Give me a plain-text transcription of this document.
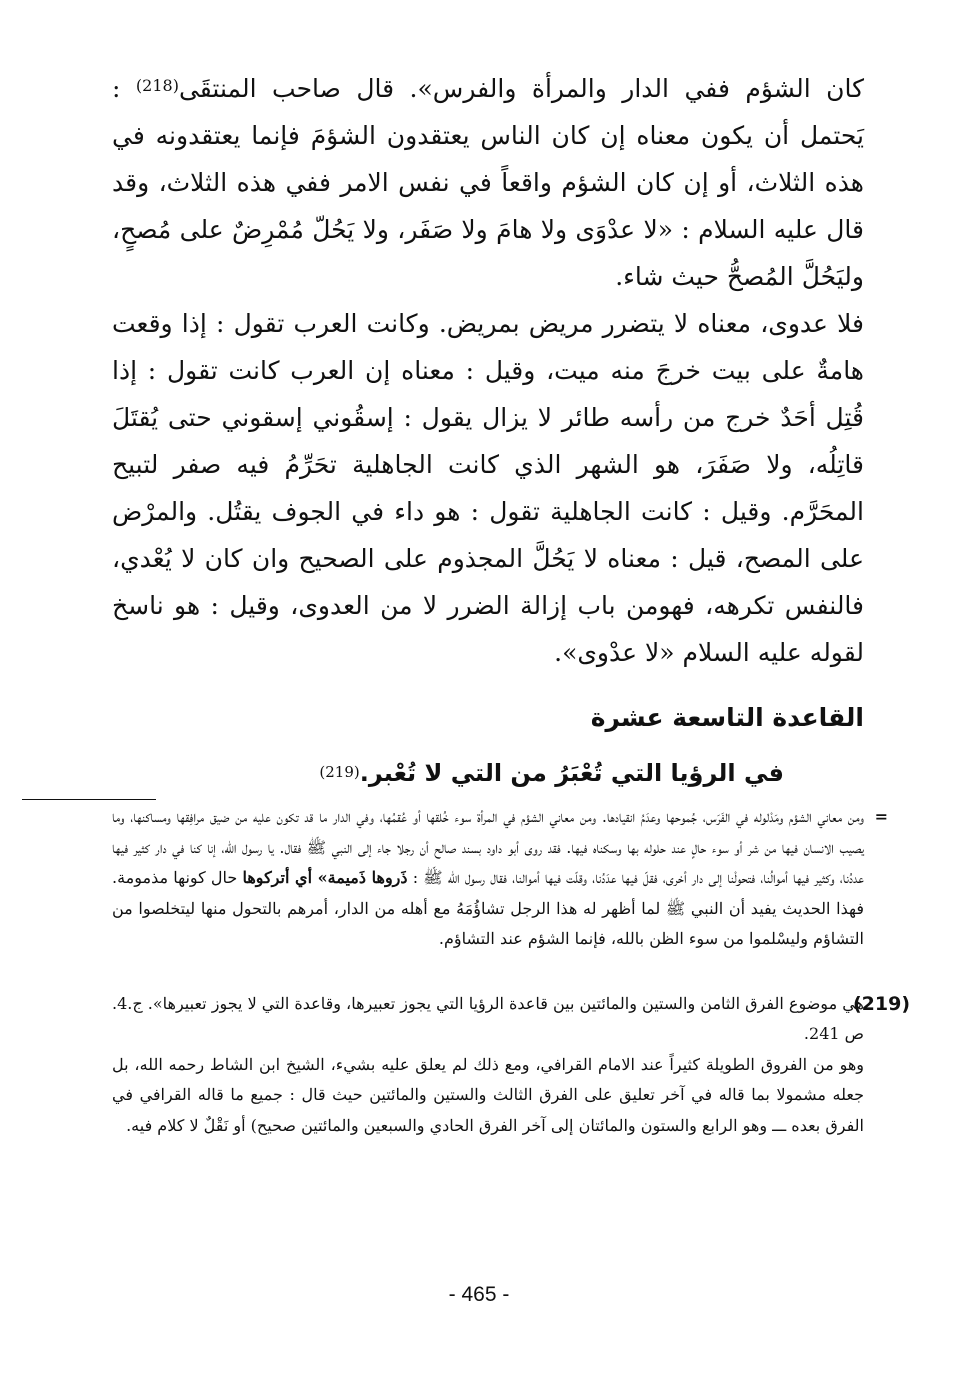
كان الشؤم ففي الدار والمرأة والفرس». قال صاحب المنتقَى$^{(218)}$ : يَحتمل أن يكون معناه إن كان الناس يعتقدون الشؤمَ فإنما يعتقدونه في هذه الثلاث، أو إن كان الشؤم واقعاً في نفس الامر ففي هذه الثلاث، وقد قال عليه السلام : «لا عدْوَى ولا هامَ ولا صَفَر، ولا يَحُلّ مُمْرِضٌ على مُصحٍ، وليَحُلَّ المُصحُّ حيث شاء.

فلا عدوى، معناه لا يتضرر مريض بمريض. وكانت العرب تقول : إذا وقعت هامةٌ على بيت خرجَ منه ميت، وقيل : معناه إن العرب كانت تقول : إذا قُتِل أحَدٌ خرج من رأسه طائر لا يزال يقول : إسقُوني إسقوني حتى يُقتَلَ قاتِلُه، ولا صَفَرَ، هو الشهر الذي كانت الجاهلية تحَرِّمُ فيه صفر لتبيح المحَرَّم. وقيل : كانت الجاهلية تقول : هو داء في الجوف يقتُل. والمرْض على المصح، قيل : معناه لا يَحُلَّ المجذوم على الصحيح وان كان لا يُعْدي، فالنفس تكرهه، فهومن باب إزالة الضرر لا من العدوى، وقيل : هو ناسخ لقوله عليه السلام «لا عدْوى».

القاعدة التاسعة عشرة
في الرؤيا التي تُعْبَرُ من التي لا تُعْبر.$^{(219)}$
=
ومن معاني الشؤم ومَدْلوله في الفَرَس، جُموحها وعدَمُ انقيادها. ومن معاني الشؤم في المرأة سوء خُلقها أو عُقمُها، وفي الدار ما قد تكون عليه من ضيق مرافِقها ومساكنها، وما يصيب الانسان فيها من شر أو سوء حالٍ عند حلوله بها وسكناه فيها. فقد روى أبو داود بسند صالح أن رجلا جاء إلى النبي ﷺ فقال. يا رسول الله، إنا كنا في دار كثير فيها عددُنا، وكثير فيها أموالُنا، فتحولْنا إلى دار أخرى، فقلّ فيها عدَدُنا، وقلّت فيها أموالنا، فقال رسول الله ﷺ : ذَروها ذَميمة» أي أتركوها حال كونها مذمومة. فهذا الحديث يفيد أن النبي ﷺ لما أظهر له هذا الرجل تشاؤُمَهُ مع أهله من الدار، أمرهم بالتحول منها ليتخلصوا من التشاؤم وليسْلموا من سوء الظن بالله، فإنما الشؤم عند التشاؤم.
(219)

هي موضوع الفرق الثامن والستين والمائتين بين قاعدة الرؤيا التي يجوز تعبيرها، وقاعدة التي لا يجوز تعبيرها». ج.4. ص 241.

وهو من الفروق الطويلة كثيراً عند الامام القرافي، ومع ذلك لم يعلق عليه بشيء، الشيخ ابن الشاط رحمه الله، بل جعله مشمولا بما قاله في آخر تعليق على الفرق الثالث والستين والمائتين حيث قال : جميع ما قاله القرافي في الفرق بعده ـــ وهو الرابع والستون والمائتان إلى آخر الفرق الحادي والسبعين والمائتين صحيح) أو نَقْلٌ لا كلام فيه.

- 465 -
